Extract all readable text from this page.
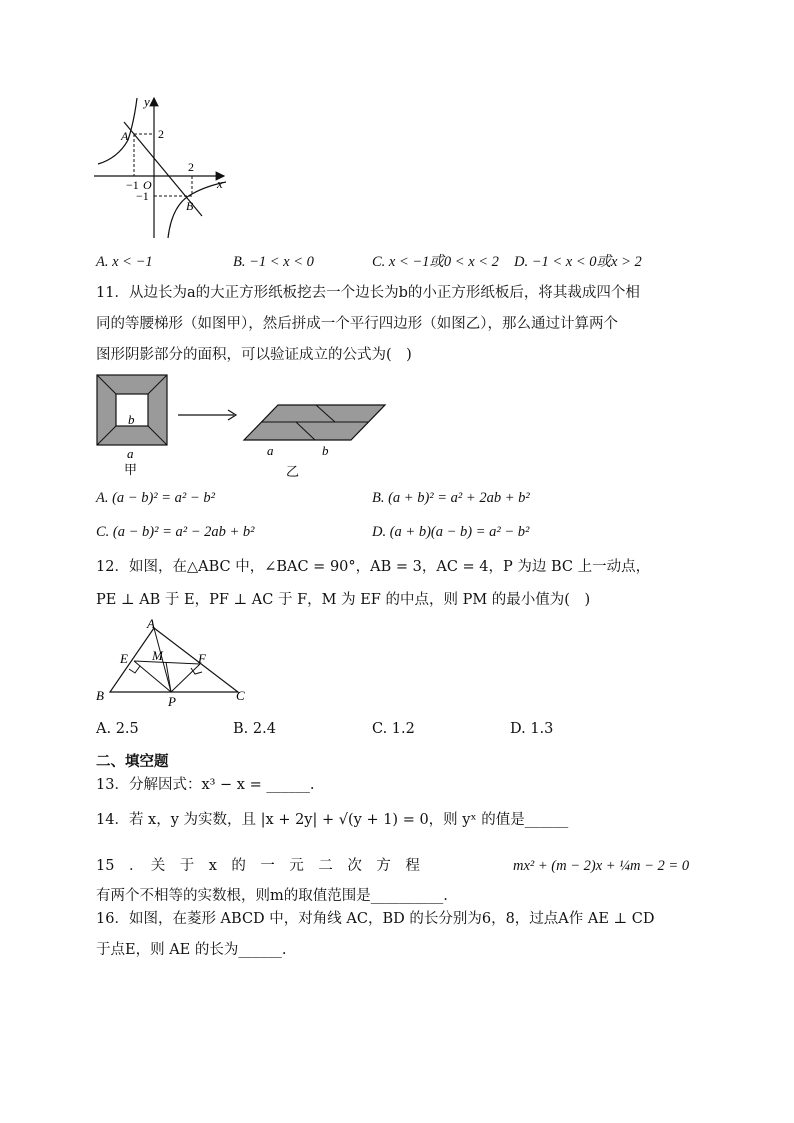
y
x
O
A
B
2
2
−1
−1
A. x < −1	B. −1 < x < 0	C. x < −1或0 < x < 2 D. −1 < x < 0或x > 2
11．从边长为a的大正方形纸板挖去一个边长为b的小正方形纸板后，将其裁成四个相
同的等腰梯形（如图甲），然后拼成一个平行四边形（如图乙），那么通过计算两个
图形阴影部分的面积，可以验证成立的公式为(　)
b
a
甲
a	b
乙
A. (a − b)² = a² − b²	B. (a + b)² = a² + 2ab + b²
C. (a − b)² = a² − 2ab + b²	D. (a + b)(a − b) = a² − b²
12．如图，在△ABC 中，∠BAC = 90°，AB = 3，AC = 4，P 为边 BC 上一动点，
PE ⊥ AB 于 E，PF ⊥ AC 于 F，M 为 EF 的中点，则 PM 的最小值为(　)
A
E M	F
B	P	C
A. 2.5	B. 2.4	C. 1.2	D. 1.3
二、填空题
13．分解因式：x³ − x = ______.
14．若 x，y 为实数，且 |x + 2y| + √(y + 1) = 0，则 yˣ 的值是______
15　．　关　于　x　的　一　元　二　次　方　程	mx² + (m − 2)x + ¼m − 2 = 0
有两个不相等的实数根，则m的取值范围是__________.
16．如图，在菱形 ABCD 中，对角线 AC，BD 的长分别为6，8，过点A作 AE ⊥ CD
于点E，则 AE 的长为______.
